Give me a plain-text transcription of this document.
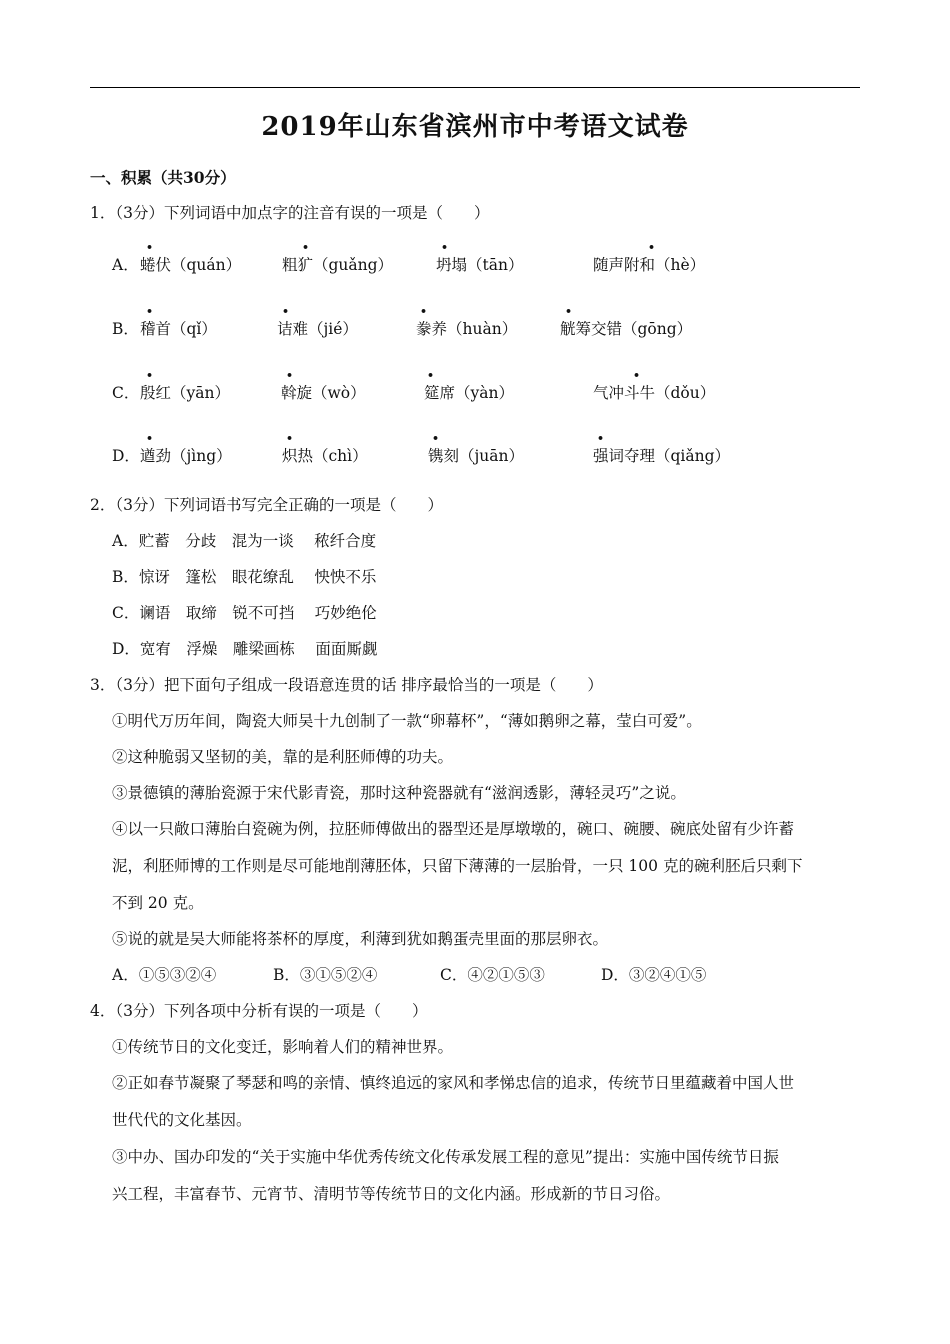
2019年山东省滨州市中考语文试卷
一、积累（共30分）
1．（3分）下列词语中加点字的注音有误的一项是（　　）
•	•	•	•
A． 蜷伏（quán）	粗犷（guǎng）	坍塌（tān）	随声附和（hè）
•	•	•	•
B． 稽首（qǐ）	诘难（jié）	豢养（huàn）	觥筹交错（gōng）
•	•	•	•
C． 殷红（yān）	斡旋（wò）	筵席（yàn）	气冲斗牛（dǒu）
•	•	•	•
D． 遒劲（jìng）	炽热（chì）	镌刻（juān）	强词夺理（qiǎng）
2．（3分）下列词语书写完全正确的一项是（　　）
A．贮蓄　分歧　混为一谈　 秾纤合度
B．惊讶　篷松　眼花缭乱　 怏怏不乐
C．谰语　取缔　锐不可挡　 巧妙绝伦
D．宽宥　浮燥　雕梁画栋　 面面厮觑
3．（3分）把下面句子组成一段语意连贯的话 排序最恰当的一项是（　　）
①明代万历年间，陶瓷大师吴十九创制了一款“卵幕杯”，“薄如鹅卵之幕，莹白可爱”。
②这种脆弱又坚韧的美，靠的是利胚师傅的功夫。
③景德镇的薄胎瓷源于宋代影青瓷，那时这种瓷器就有“滋润透影，薄轻灵巧”之说。
④以一只敞口薄胎白瓷碗为例，拉胚师傅做出的器型还是厚墩墩的，碗口、碗腰、碗底处留有少许蓄
泥，利胚师博的工作则是尽可能地削薄胚体，只留下薄薄的一层胎骨，一只 100 克的碗利胚后只剩下
不到 20 克。
⑤说的就是吴大师能将茶杯的厚度，利薄到犹如鹅蛋壳里面的那层卵衣。
A．①⑤③②④	B．③①⑤②④	C．④②①⑤③	D．③②④①⑤
4．（3分）下列各项中分析有误的一项是（　　）
①传统节日的文化变迁，影响着人们的精神世界。
②正如春节凝聚了琴瑟和鸣的亲情、慎终追远的家风和孝悌忠信的追求，传统节日里蕴藏着中国人世
世代代的文化基因。
③中办、国办印发的“关于实施中华优秀传统文化传承发展工程的意见”提出：实施中国传统节日振
兴工程，丰富春节、元宵节、清明节等传统节日的文化内涵。形成新的节日习俗。
